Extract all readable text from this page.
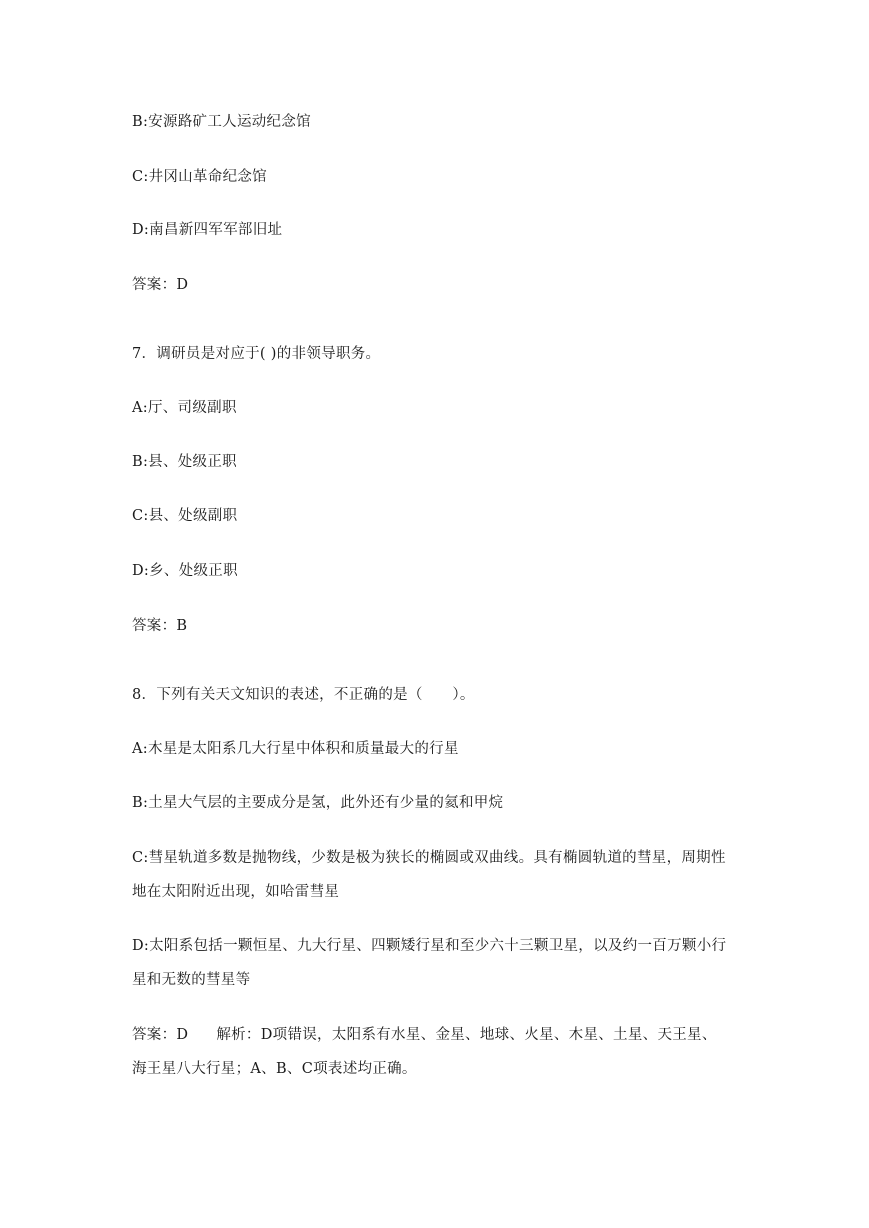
B:安源路矿工人运动纪念馆
C:井冈山革命纪念馆
D:南昌新四军军部旧址
答案：D
7．调研员是对应于( )的非领导职务。
A:厅、司级副职
B:县、处级正职
C:县、处级副职
D:乡、处级正职
答案：B
8．下列有关天文知识的表述，不正确的是（　　）。
A:木星是太阳系几大行星中体积和质量最大的行星
B:土星大气层的主要成分是氢，此外还有少量的氦和甲烷
C:彗星轨道多数是抛物线，少数是极为狭长的椭圆或双曲线。具有椭圆轨道的彗星，周期性
地在太阳附近出现，如哈雷彗星
D:太阳系包括一颗恒星、九大行星、四颗矮行星和至少六十三颗卫星，以及约一百万颗小行
星和无数的彗星等
答案：D 解析：D项错误，太阳系有水星、金星、地球、火星、木星、土星、天王星、
海王星八大行星；A、B、C项表述均正确。
